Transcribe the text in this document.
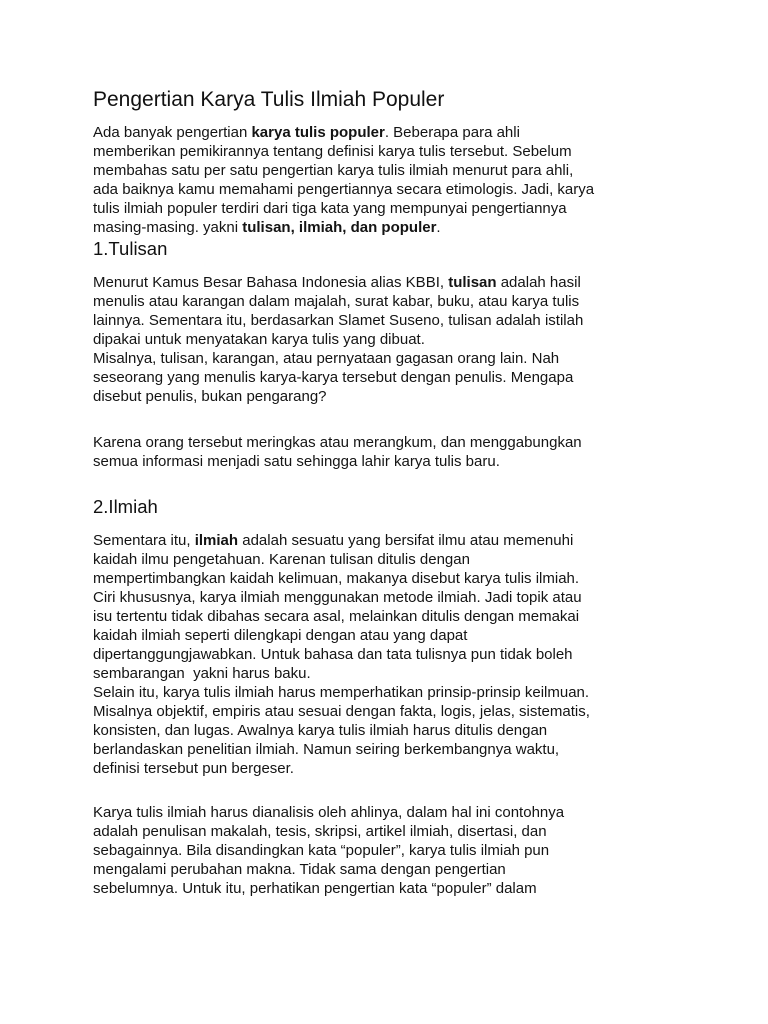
Pengertian Karya Tulis Ilmiah Populer

Ada banyak pengertian karya tulis populer. Beberapa para ahli
memberikan pemikirannya tentang definisi karya tulis tersebut. Sebelum
membahas satu per satu pengertian karya tulis ilmiah menurut para ahli,
ada baiknya kamu memahami pengertiannya secara etimologis. Jadi, karya
tulis ilmiah populer terdiri dari tiga kata yang mempunyai pengertiannya
masing-masing. yakni tulisan, ilmiah, dan populer.

1.Tulisan

Menurut Kamus Besar Bahasa Indonesia alias KBBI, tulisan adalah hasil
menulis atau karangan dalam majalah, surat kabar, buku, atau karya tulis
lainnya. Sementara itu, berdasarkan Slamet Suseno, tulisan adalah istilah
dipakai untuk menyatakan karya tulis yang dibuat.
Misalnya, tulisan, karangan, atau pernyataan gagasan orang lain. Nah
seseorang yang menulis karya-karya tersebut dengan penulis. Mengapa
disebut penulis, bukan pengarang?

Karena orang tersebut meringkas atau merangkum, dan menggabungkan
semua informasi menjadi satu sehingga lahir karya tulis baru.

2.Ilmiah

Sementara itu, ilmiah adalah sesuatu yang bersifat ilmu atau memenuhi
kaidah ilmu pengetahuan. Karenan tulisan ditulis dengan
mempertimbangkan kaidah kelimuan, makanya disebut karya tulis ilmiah.
Ciri khususnya, karya ilmiah menggunakan metode ilmiah. Jadi topik atau
isu tertentu tidak dibahas secara asal, melainkan ditulis dengan memakai
kaidah ilmiah seperti dilengkapi dengan atau yang dapat
dipertanggungjawabkan. Untuk bahasa dan tata tulisnya pun tidak boleh
sembarangan  yakni harus baku.
Selain itu, karya tulis ilmiah harus memperhatikan prinsip-prinsip keilmuan.
Misalnya objektif, empiris atau sesuai dengan fakta, logis, jelas, sistematis,
konsisten, dan lugas. Awalnya karya tulis ilmiah harus ditulis dengan
berlandaskan penelitian ilmiah. Namun seiring berkembangnya waktu,
definisi tersebut pun bergeser.

Karya tulis ilmiah harus dianalisis oleh ahlinya, dalam hal ini contohnya
adalah penulisan makalah, tesis, skripsi, artikel ilmiah, disertasi, dan
sebagainnya. Bila disandingkan kata “populer”, karya tulis ilmiah pun
mengalami perubahan makna. Tidak sama dengan pengertian
sebelumnya. Untuk itu, perhatikan pengertian kata “populer” dalam
